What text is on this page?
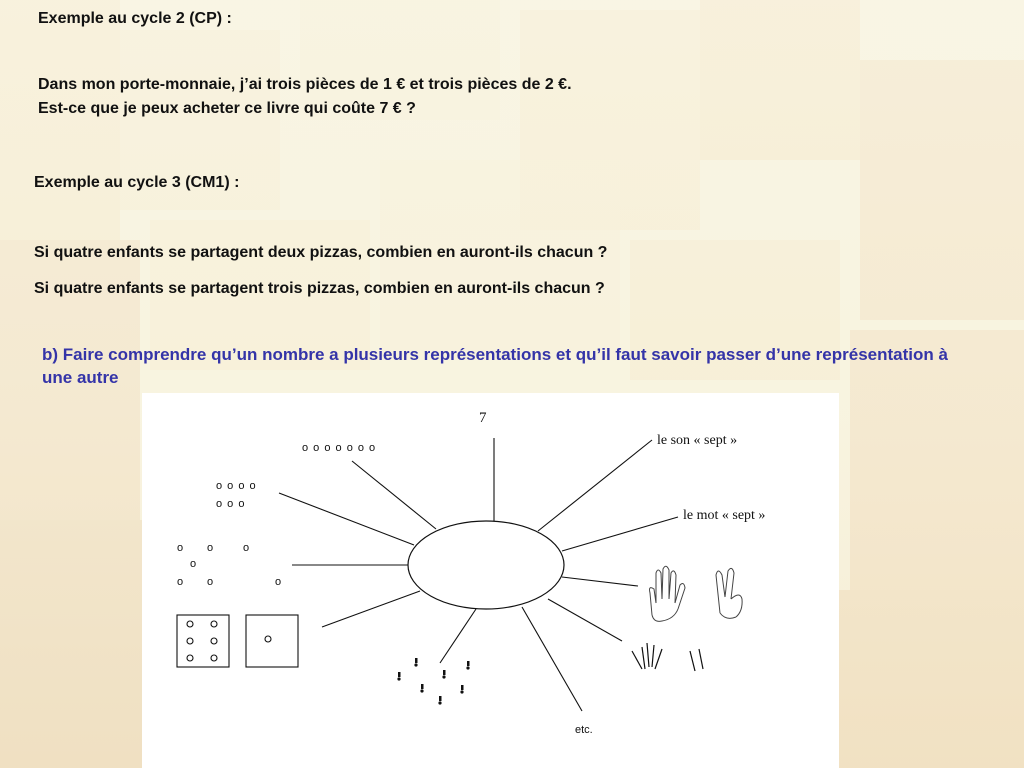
Exemple au cycle 2 (CP) :

Dans mon porte-monnaie, j’ai trois pièces de 1 € et trois pièces de 2 €.

Est-ce que je peux acheter ce livre qui coûte 7 € ?

Exemple au cycle 3 (CM1) :

Si quatre enfants se partagent deux pizzas, combien en auront-ils chacun ?

Si quatre enfants se partagent trois pizzas, combien en auront-ils chacun ?

b) Faire comprendre qu’un nombre a plusieurs représentations et qu’il faut savoir passer d’une représentation à une autre

7
le son « sept »
le mot « sept »
etc.
o o o o o o o
o o o o
o o o
o o	o
o
o o	o
